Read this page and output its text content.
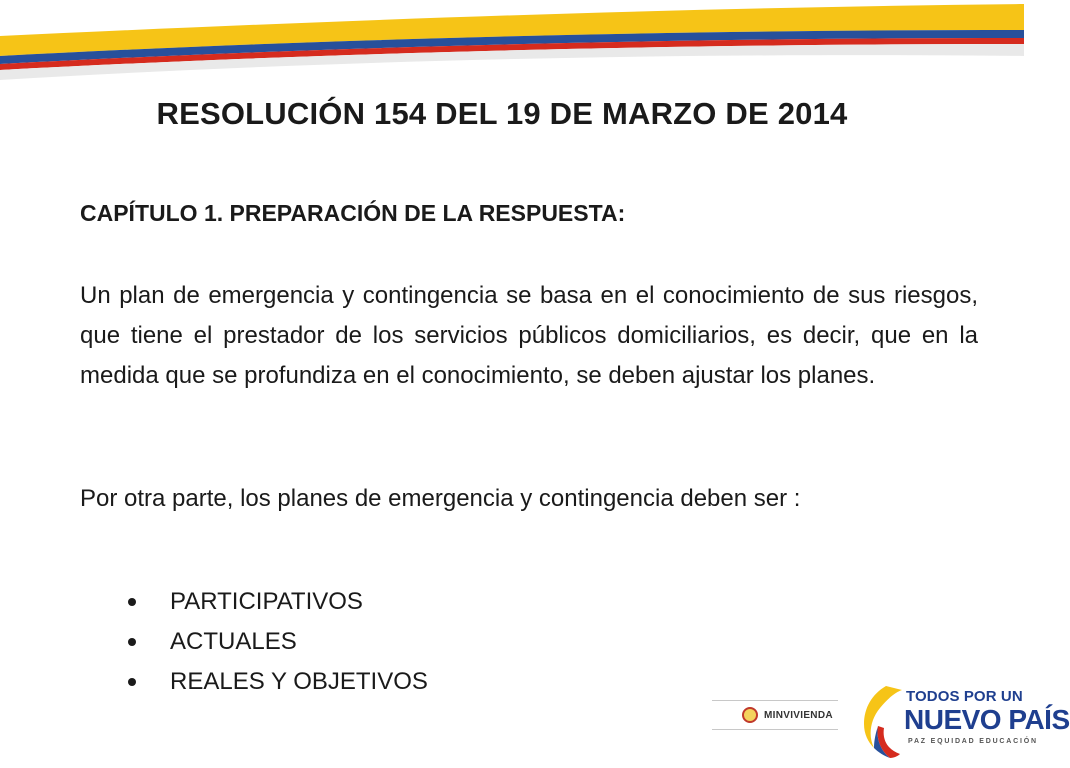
RESOLUCIÓN 154 DEL 19 DE MARZO DE 2014
CAPÍTULO 1. PREPARACIÓN DE LA RESPUESTA:

Un plan de emergencia y contingencia se basa en el conocimiento de sus riesgos, que tiene el prestador de los servicios públicos domiciliarios, es decir, que en la medida que se profundiza en el conocimiento, se deben ajustar los planes.

Por otra parte, los planes de emergencia y contingencia deben ser :

PARTICIPATIVOS
ACTUALES
REALES Y OBJETIVOS
MINVIVIENDA
TODOS POR UN
NUEVO PAÍS
PAZ EQUIDAD EDUCACIÓN
